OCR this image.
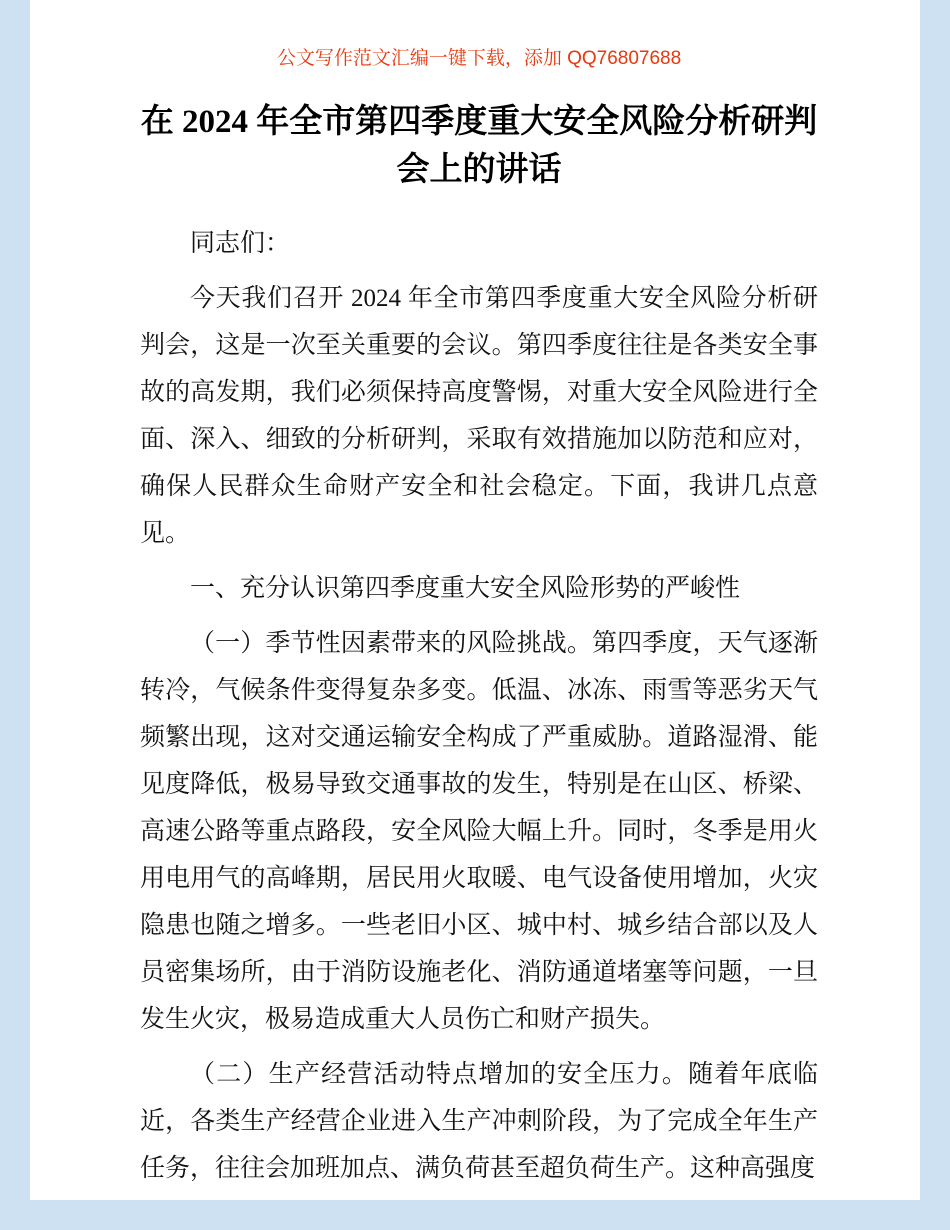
公文写作范文汇编一键下载，添加 QQ76807688
在 2024 年全市第四季度重大安全风险分析研判
会上的讲话

同志们：

今天我们召开 2024 年全市第四季度重大安全风险分析研判会，这是一次至关重要的会议。第四季度往往是各类安全事故的高发期，我们必须保持高度警惕，对重大安全风险进行全面、深入、细致的分析研判，采取有效措施加以防范和应对，确保人民群众生命财产安全和社会稳定。下面，我讲几点意见。

一、充分认识第四季度重大安全风险形势的严峻性

（一）季节性因素带来的风险挑战。第四季度，天气逐渐转冷，气候条件变得复杂多变。低温、冰冻、雨雪等恶劣天气频繁出现，这对交通运输安全构成了严重威胁。道路湿滑、能见度降低，极易导致交通事故的发生，特别是在山区、桥梁、高速公路等重点路段，安全风险大幅上升。同时，冬季是用火用电用气的高峰期，居民用火取暖、电气设备使用增加，火灾隐患也随之增多。一些老旧小区、城中村、城乡结合部以及人员密集场所，由于消防设施老化、消防通道堵塞等问题，一旦发生火灾，极易造成重大人员伤亡和财产损失。

（二）生产经营活动特点增加的安全压力。随着年底临近，各类生产经营企业进入生产冲刺阶段，为了完成全年生产任务，往往会加班加点、满负荷甚至超负荷生产。这种高强度
